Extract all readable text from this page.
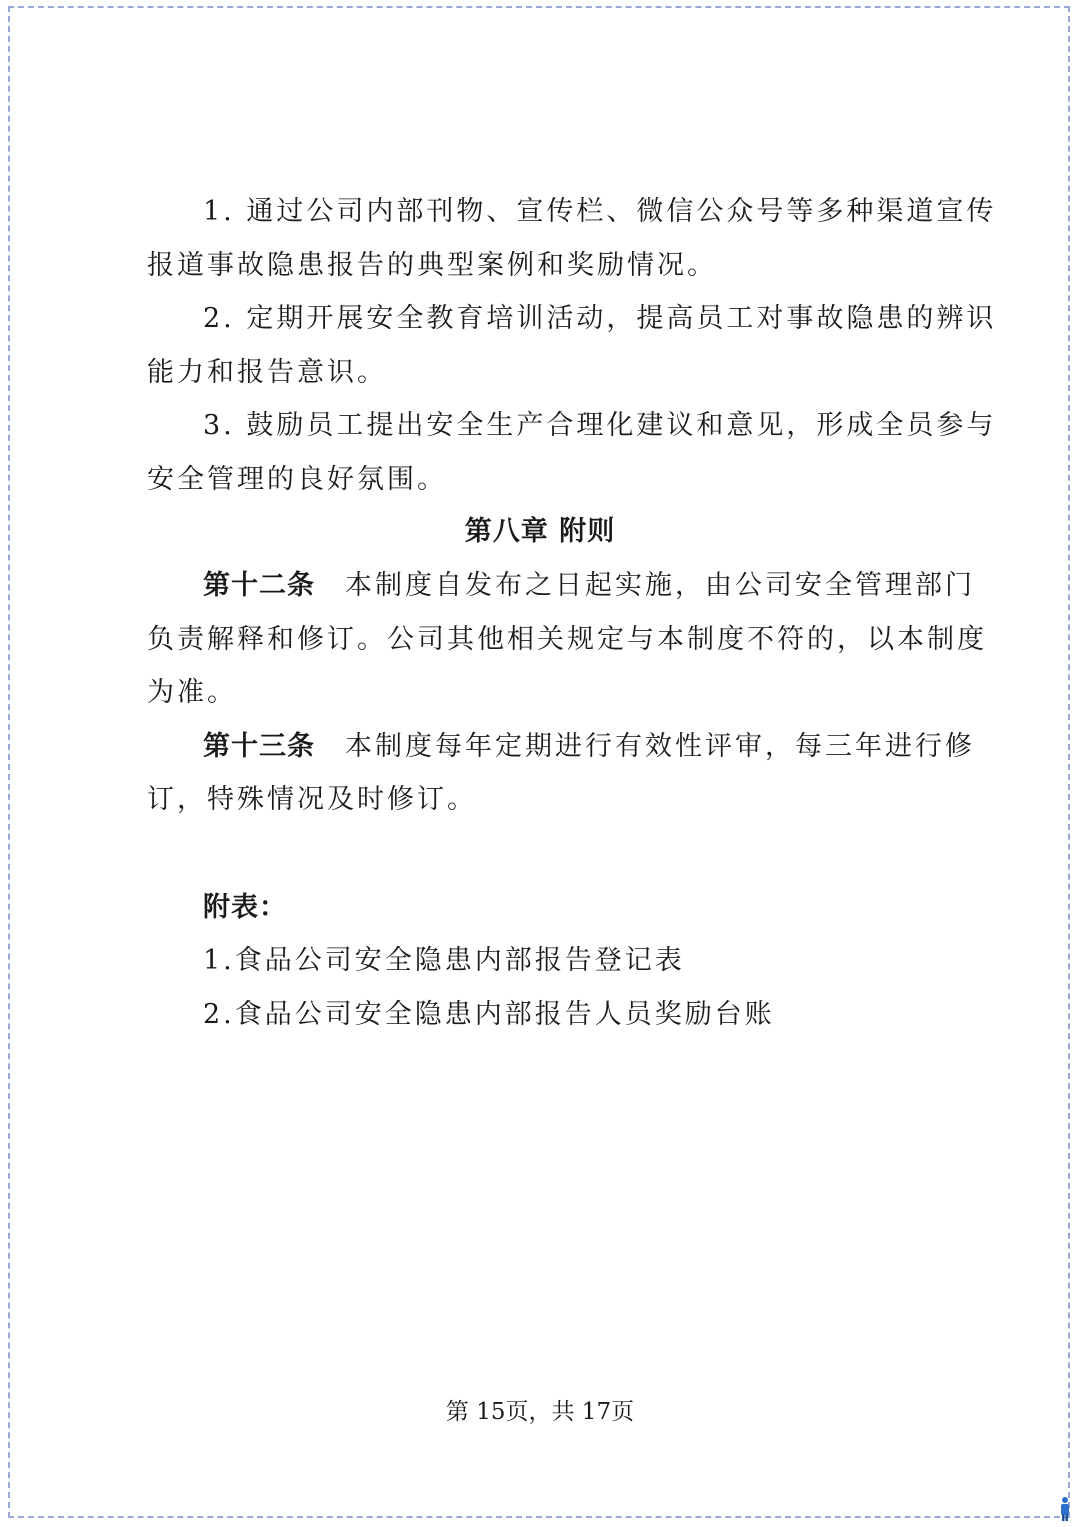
1. 通过公司内部刊物、宣传栏、微信公众号等多种渠道宣传
报道事故隐患报告的典型案例和奖励情况。
2. 定期开展安全教育培训活动，提高员工对事故隐患的辨识
能力和报告意识。
3. 鼓励员工提出安全生产合理化建议和意见，形成全员参与
安全管理的良好氛围。
第八章 附则
第十二条 本制度自发布之日起实施，由公司安全管理部门
负责解释和修订。公司其他相关规定与本制度不符的，以本制度
为准。
第十三条 本制度每年定期进行有效性评审，每三年进行修
订，特殊情况及时修订。
附表：
1.食品公司安全隐患内部报告登记表
2.食品公司安全隐患内部报告人员奖励台账
第 15页，共 17页
